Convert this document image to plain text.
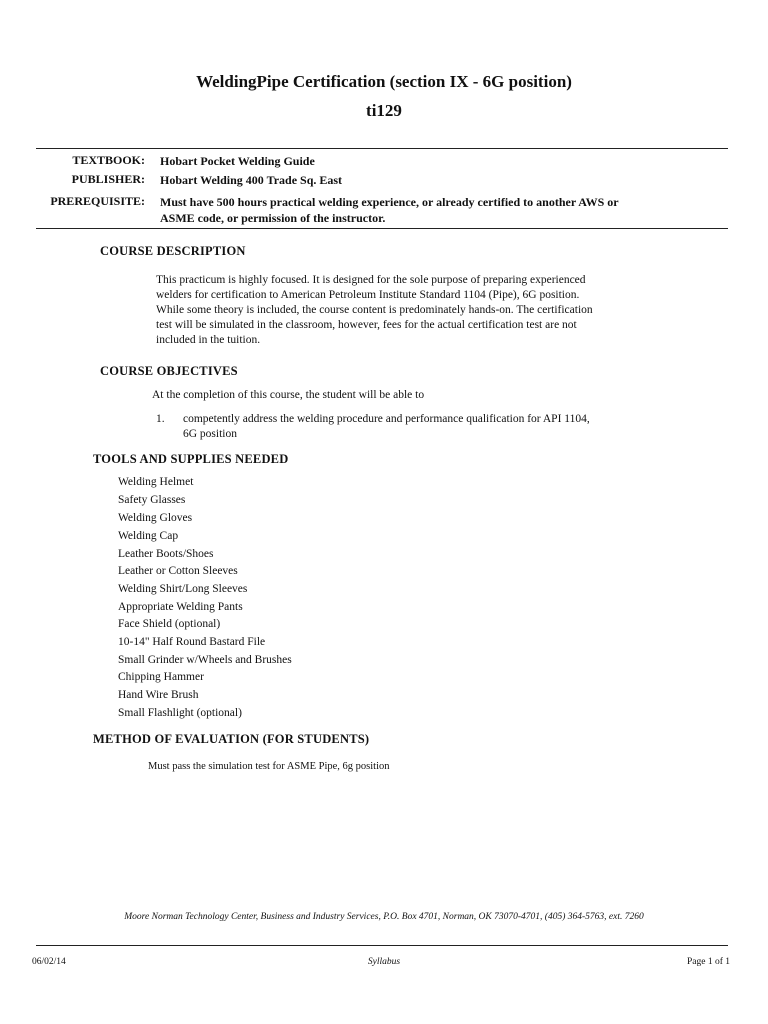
WeldingPipe Certification (section IX - 6G position)
ti129
TEXTBOOK: Hobart Pocket Welding Guide
PUBLISHER: Hobart Welding 400 Trade Sq. East
PREREQUISITE: Must have 500 hours practical welding experience, or already certified to another AWS or
ASME code, or permission of the instructor.
COURSE DESCRIPTION
This practicum is highly focused. It is designed for the sole purpose of preparing experienced
welders for certification to American Petroleum Institute Standard 1104 (Pipe), 6G position.
While some theory is included, the course content is predominately hands-on. The certification
test will be simulated in the classroom, however, fees for the actual certification test are not
included in the tuition.
COURSE OBJECTIVES
At the completion of this course, the student will be able to
1. competently address the welding procedure and performance qualification for API 1104,
6G position
TOOLS AND SUPPLIES NEEDED
Welding Helmet
Safety Glasses
Welding Gloves
Welding Cap
Leather Boots/Shoes
Leather or Cotton Sleeves
Welding Shirt/Long Sleeves
Appropriate Welding Pants
Face Shield (optional)
10-14" Half Round Bastard File
Small Grinder w/Wheels and Brushes
Chipping Hammer
Hand Wire Brush
Small Flashlight (optional)
METHOD OF EVALUATION (FOR STUDENTS)
Must pass the simulation test for ASME Pipe, 6g position
Moore Norman Technology Center, Business and Industry Services, P.O. Box 4701, Norman, OK 73070-4701, (405) 364-5763, ext. 7260
06/02/14	Syllabus	Page 1 of 1
